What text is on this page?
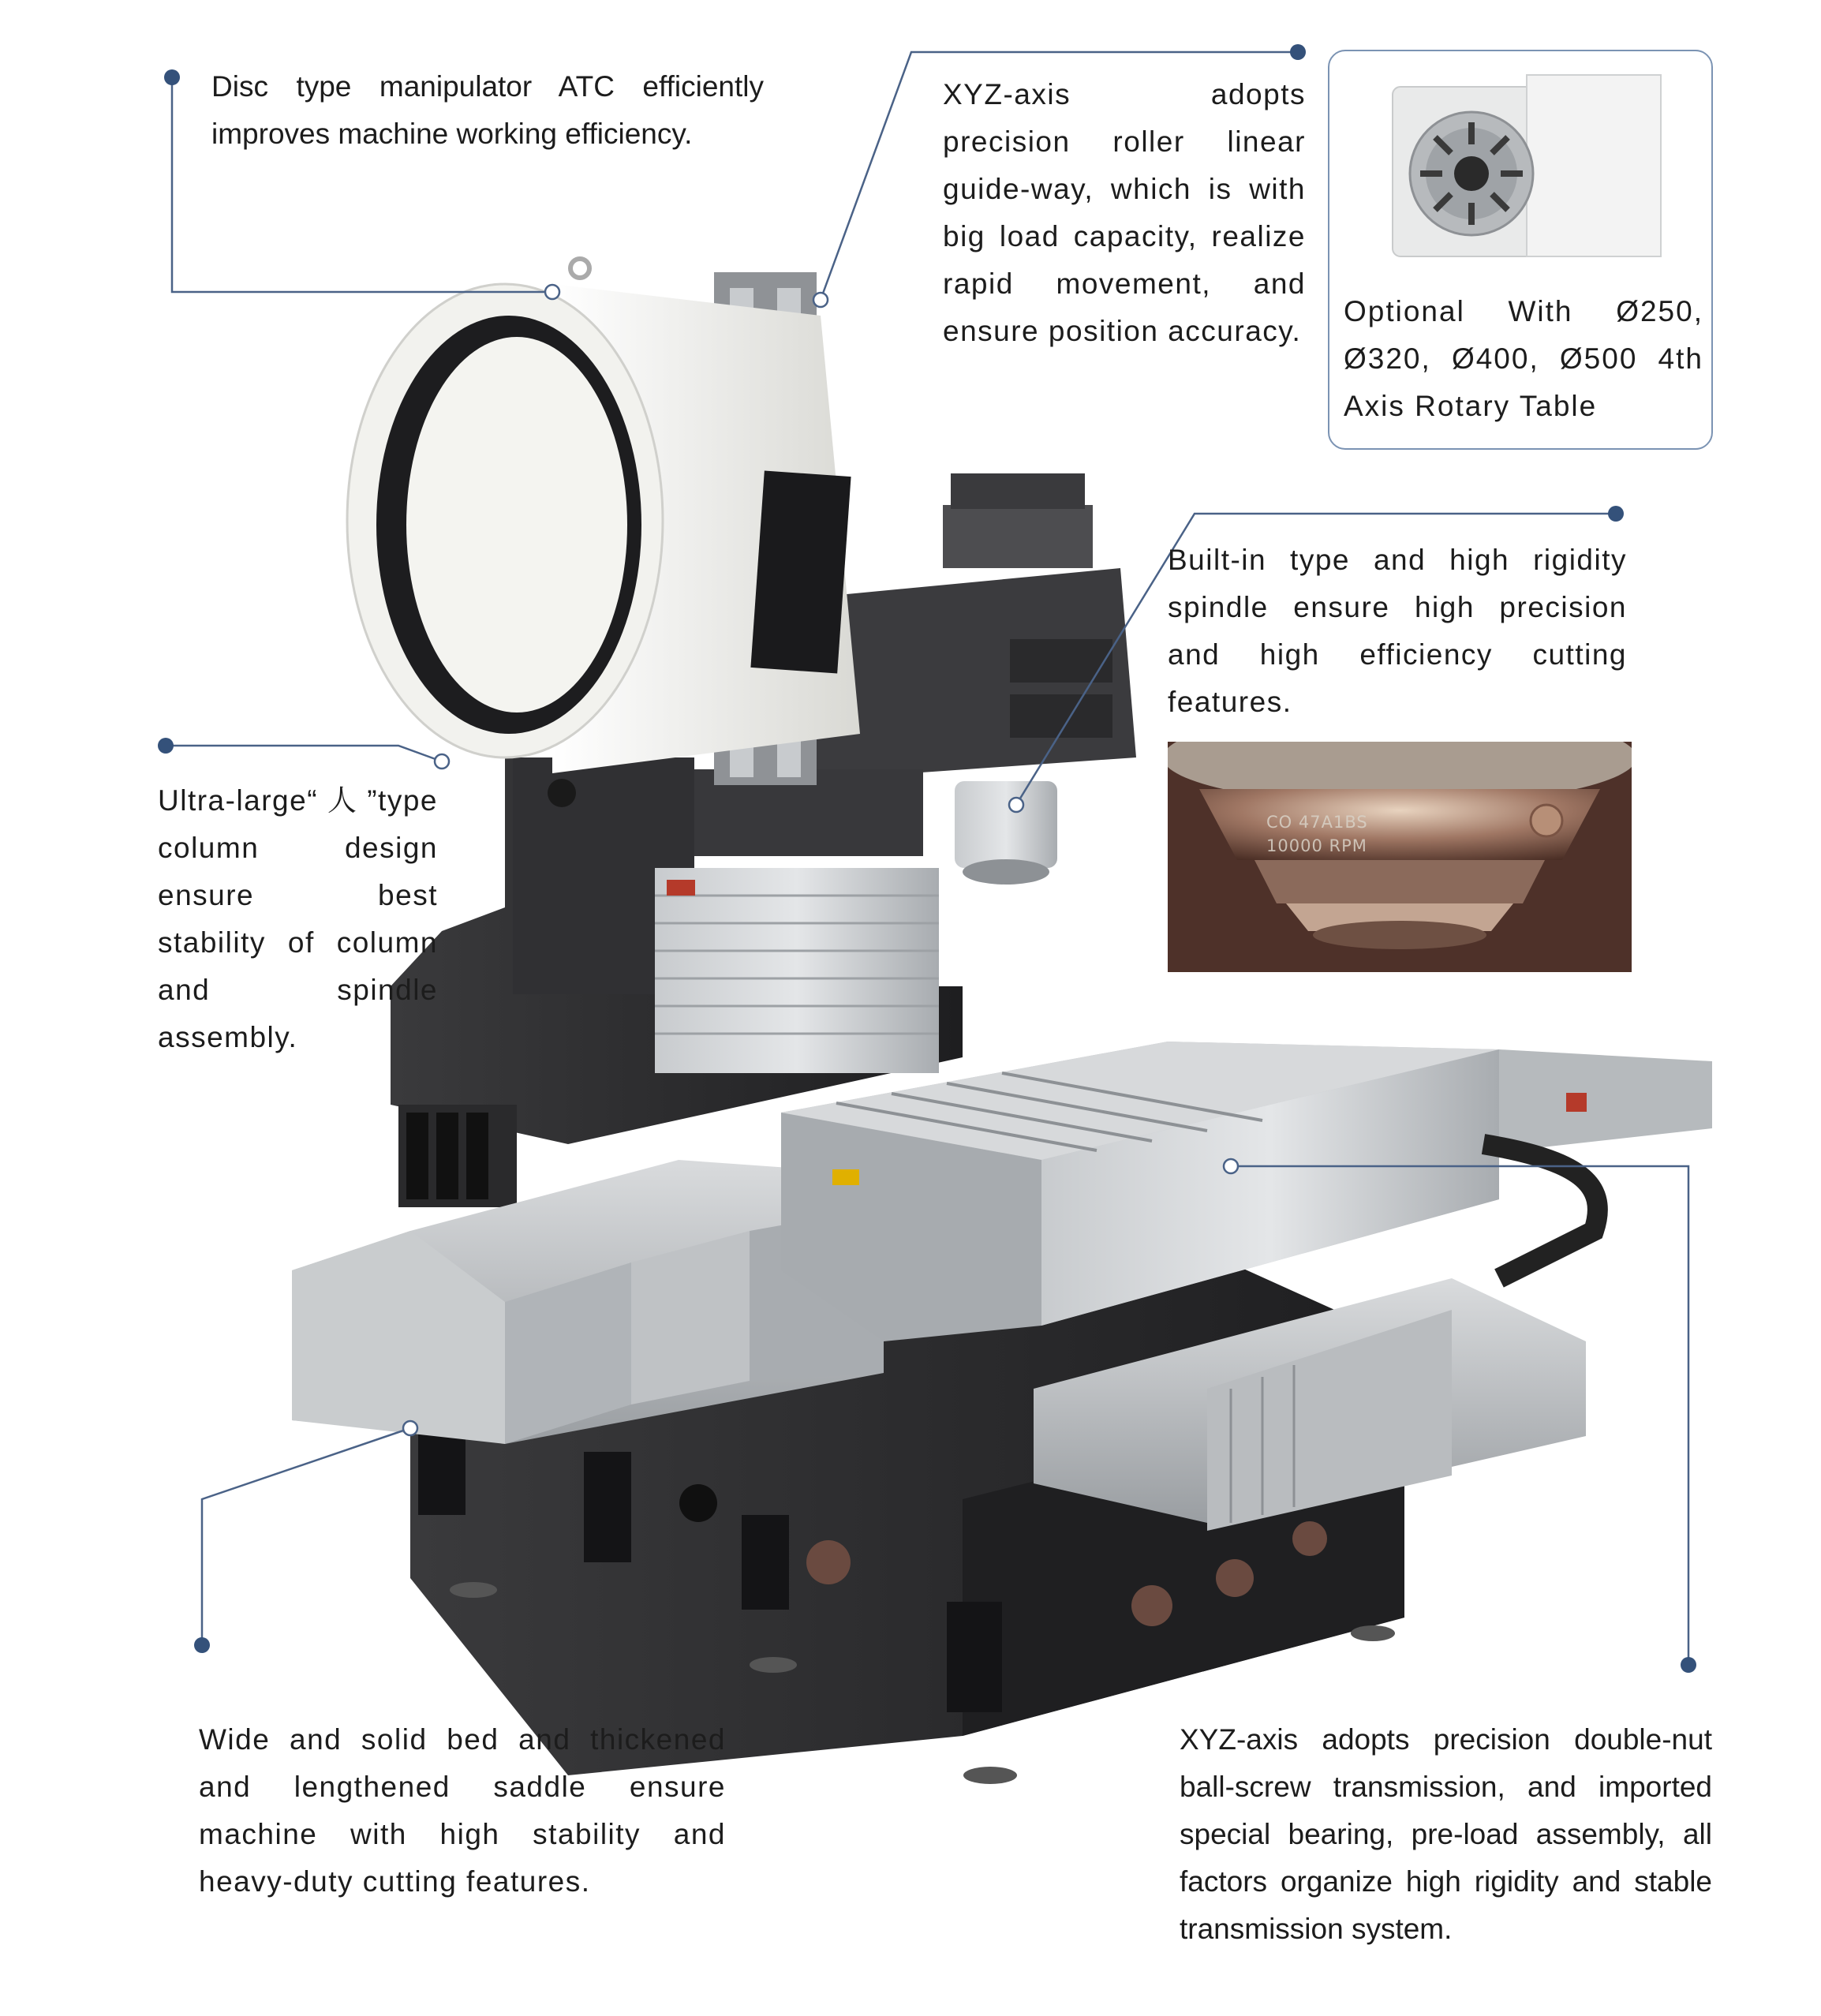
Disc type manipulator ATC efficiently improves machine working efficiency.

XYZ-axis adopts precision roller linear guide-way, which is with big load capacity, realize rapid movement, and ensure position accuracy.

Optional With Ø250, Ø320, Ø400, Ø500 4th Axis Rotary Table

Built-in type and high rigidity spindle ensure high precision and high efficiency cutting features.

CO 47A1BS
10000 RPM

Ultra-large“ 人 ”type column design ensure best stability of column and spindle assembly.

Wide and solid bed and thickened and lengthened saddle ensure machine with high stability and heavy-duty cutting features.

XYZ-axis adopts precision double-nut ball-screw transmission, and imported special bearing, pre-load assembly, all factors organize high rigidity and stable transmission system.
